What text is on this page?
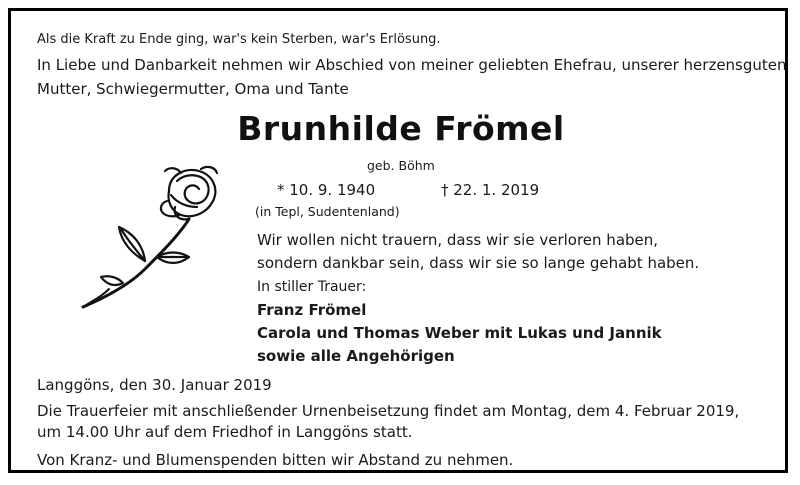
Als die Kraft zu Ende ging, war's kein Sterben, war's Erlösung.
In Liebe und Danbarkeit nehmen wir Abschied von meiner geliebten Ehefrau, unserer herzensguten
Mutter, Schwiegermutter, Oma und Tante
Brunhilde Frömel
geb. Böhm
* 10. 9. 1940	† 22. 1. 2019
(in Tepl, Sudentenland)
Wir wollen nicht trauern, dass wir sie verloren haben,
sondern dankbar sein, dass wir sie so lange gehabt haben.
In stiller Trauer:
Franz Frömel
Carola und Thomas Weber mit Lukas und Jannik
sowie alle Angehörigen
Langgöns, den 30. Januar 2019
Die Trauerfeier mit anschließender Urnenbeisetzung findet am Montag, dem 4. Februar 2019,
um 14.00 Uhr auf dem Friedhof in Langgöns statt.
Von Kranz- und Blumenspenden bitten wir Abstand zu nehmen.
